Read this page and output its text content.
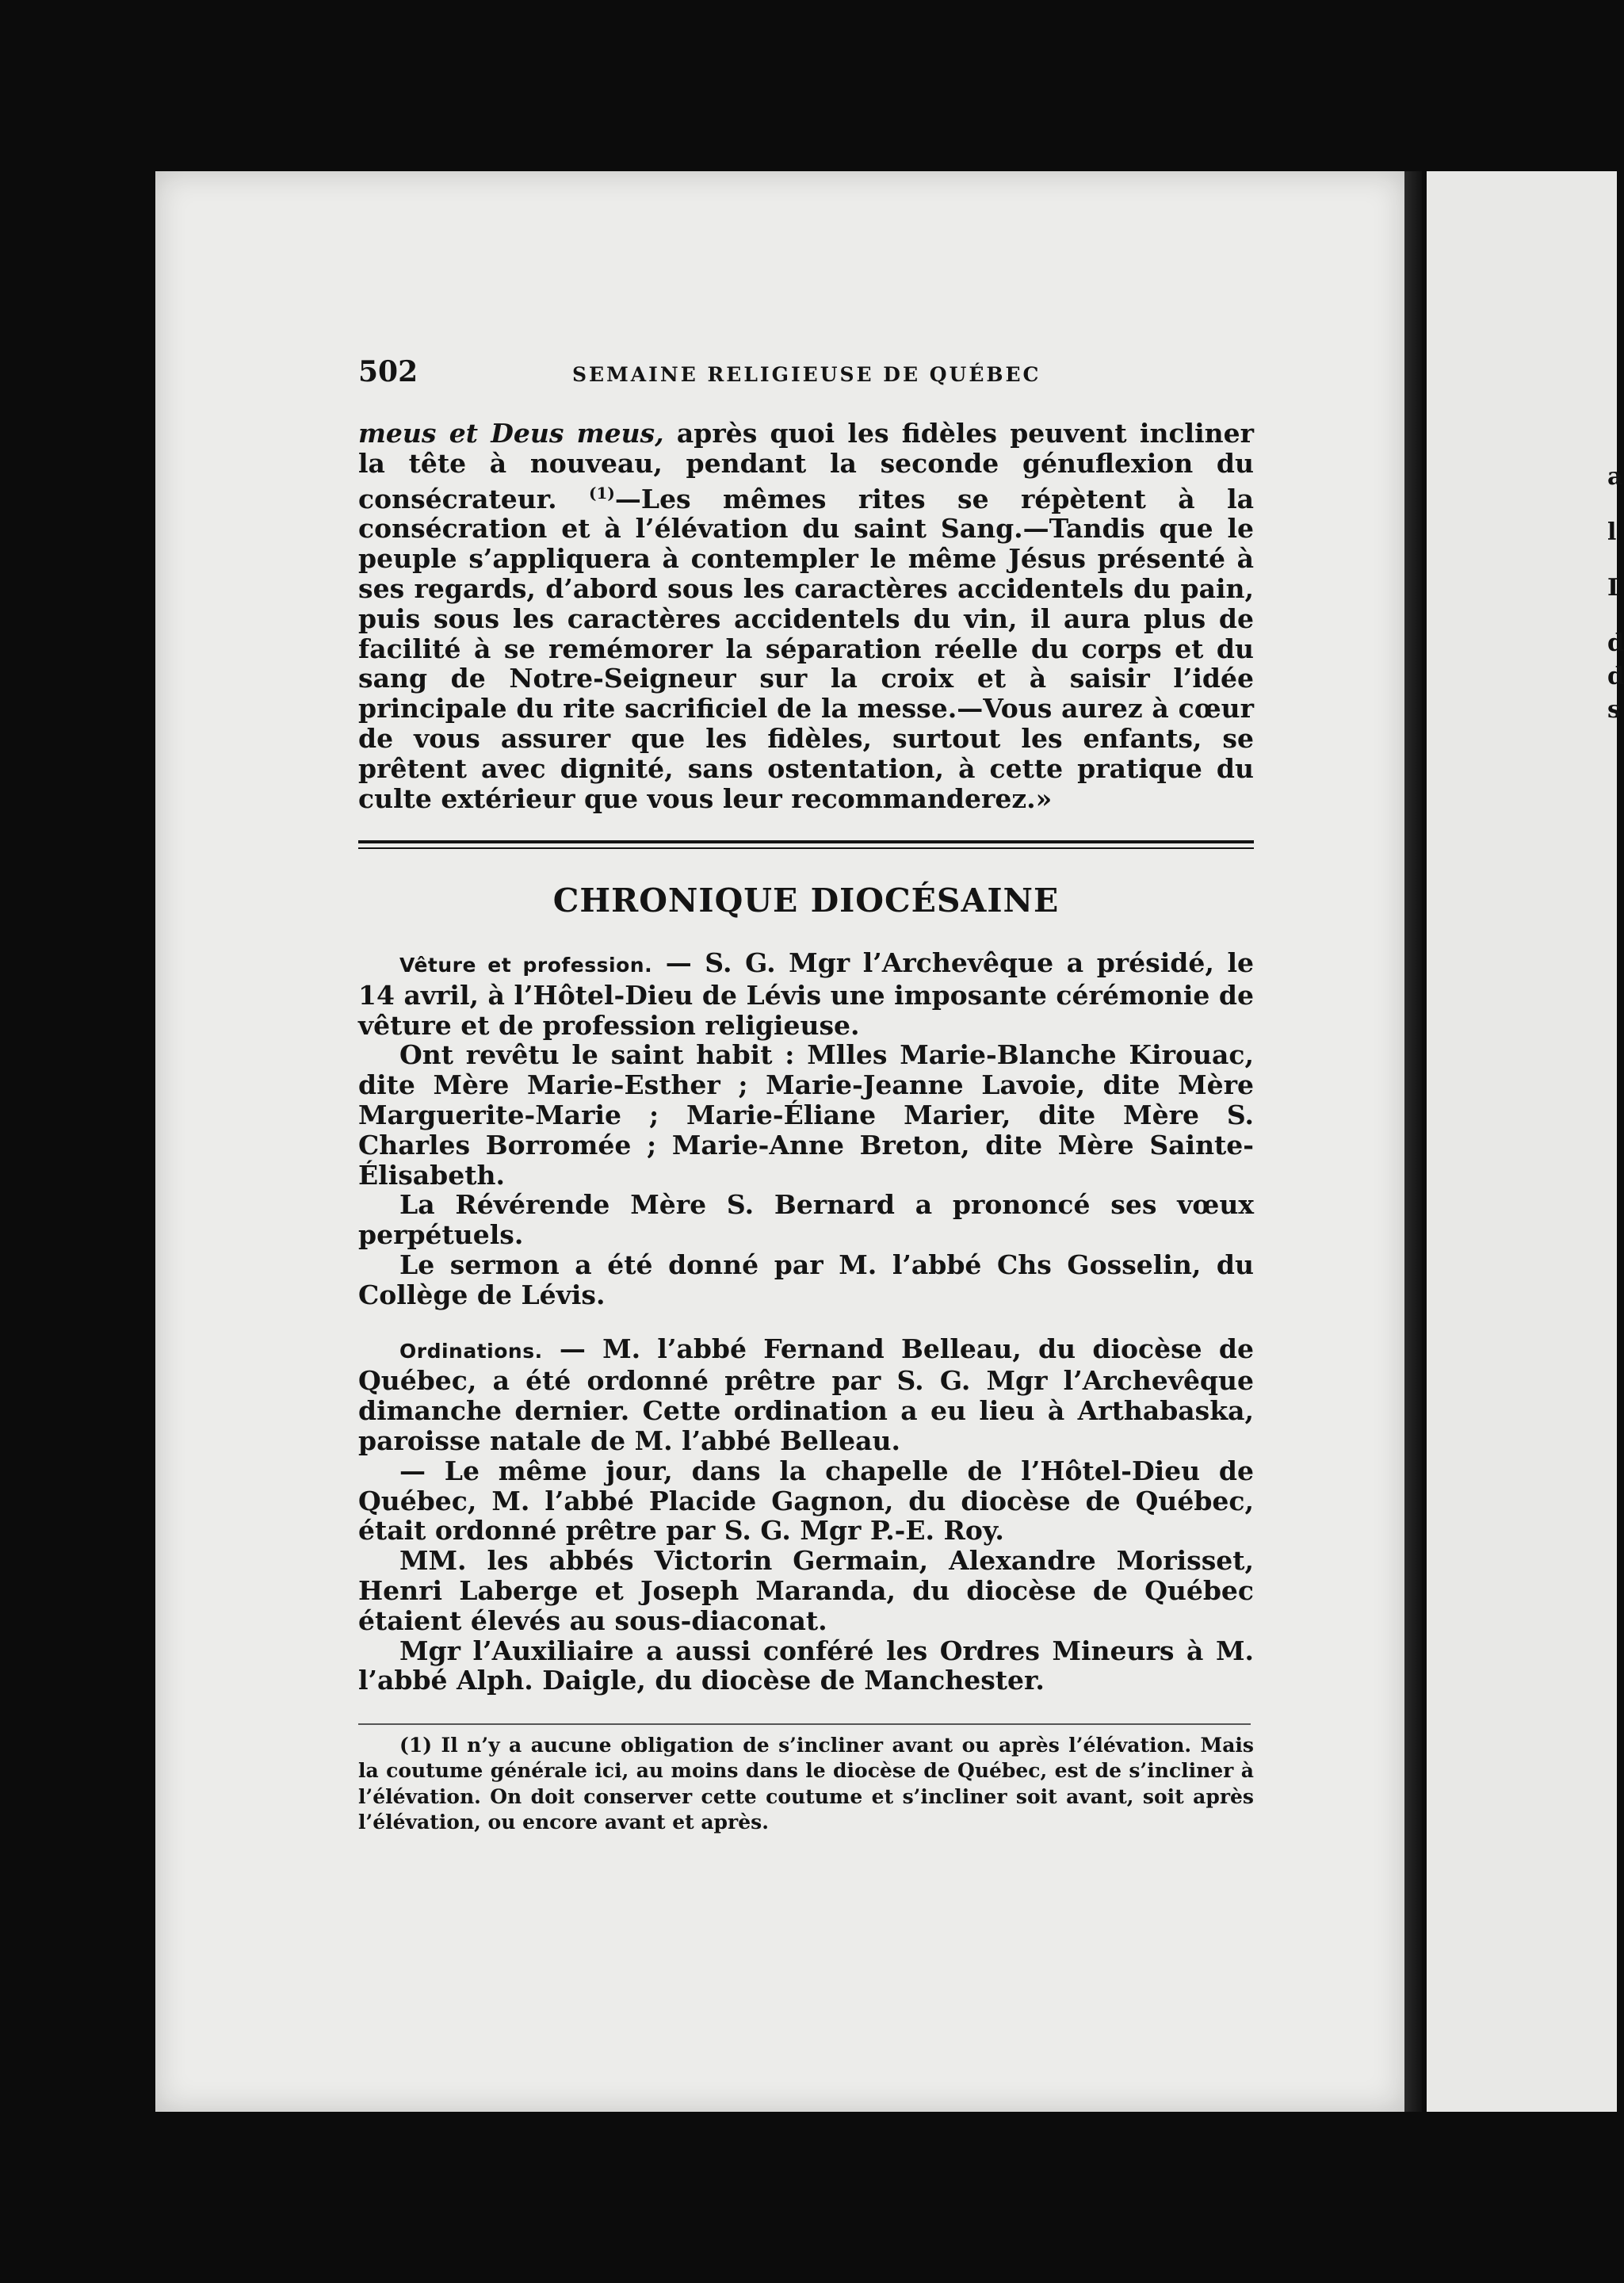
a
l
I
d
d
s
502	SEMAINE RELIGIEUSE DE QUÉBEC

meus et Deus meus, après quoi les fidèles peuvent incliner la tête à nouveau, pendant la seconde génuflexion du consécrateur. $^{(1)}$—Les mêmes rites se répètent à la consécration et à l’élévation du saint Sang.—Tandis que le peuple s’appliquera à contempler le même Jésus présenté à ses regards, d’abord sous les caractères accidentels du pain, puis sous les caractères accidentels du vin, il aura plus de facilité à se remémorer la séparation réelle du corps et du sang de Notre-Seigneur sur la croix et à saisir l’idée principale du rite sacrificiel de la messe.—Vous aurez à cœur de vous assurer que les fidèles, surtout les enfants, se prêtent avec dignité, sans ostentation, à cette pratique du culte extérieur que vous leur recommanderez.»

CHRONIQUE DIOCÉSAINE

Vêture et profession. — S. G. Mgr l’Archevêque a présidé, le 14 avril, à l’Hôtel-Dieu de Lévis une imposante cérémonie de vêture et de profession religieuse.

Ont revêtu le saint habit : Mlles Marie-Blanche Kirouac, dite Mère Marie-Esther ; Marie-Jeanne Lavoie, dite Mère Marguerite-Marie ; Marie-Éliane Marier, dite Mère S. Charles Borromée ; Marie-Anne Breton, dite Mère Sainte-Élisabeth.

La Révérende Mère S. Bernard a prononcé ses vœux perpétuels.

Le sermon a été donné par M. l’abbé Chs Gosselin, du Collège de Lévis.

Ordinations. — M. l’abbé Fernand Belleau, du diocèse de Québec, a été ordonné prêtre par S. G. Mgr l’Archevêque dimanche dernier. Cette ordination a eu lieu à Arthabaska, paroisse natale de M. l’abbé Belleau.

— Le même jour, dans la chapelle de l’Hôtel-Dieu de Québec, M. l’abbé Placide Gagnon, du diocèse de Québec, était ordonné prêtre par S. G. Mgr P.-E. Roy.

MM. les abbés Victorin Germain, Alexandre Morisset, Henri Laberge et Joseph Maranda, du diocèse de Québec étaient élevés au sous-diaconat.

Mgr l’Auxiliaire a aussi conféré les Ordres Mineurs à M. l’abbé Alph. Daigle, du diocèse de Manchester.

(1) Il n’y a aucune obligation de s’incliner avant ou après l’élévation. Mais la coutume générale ici, au moins dans le diocèse de Québec, est de s’incliner à l’élévation. On doit conserver cette coutume et s’incliner soit avant, soit après l’élévation, ou encore avant et après.
